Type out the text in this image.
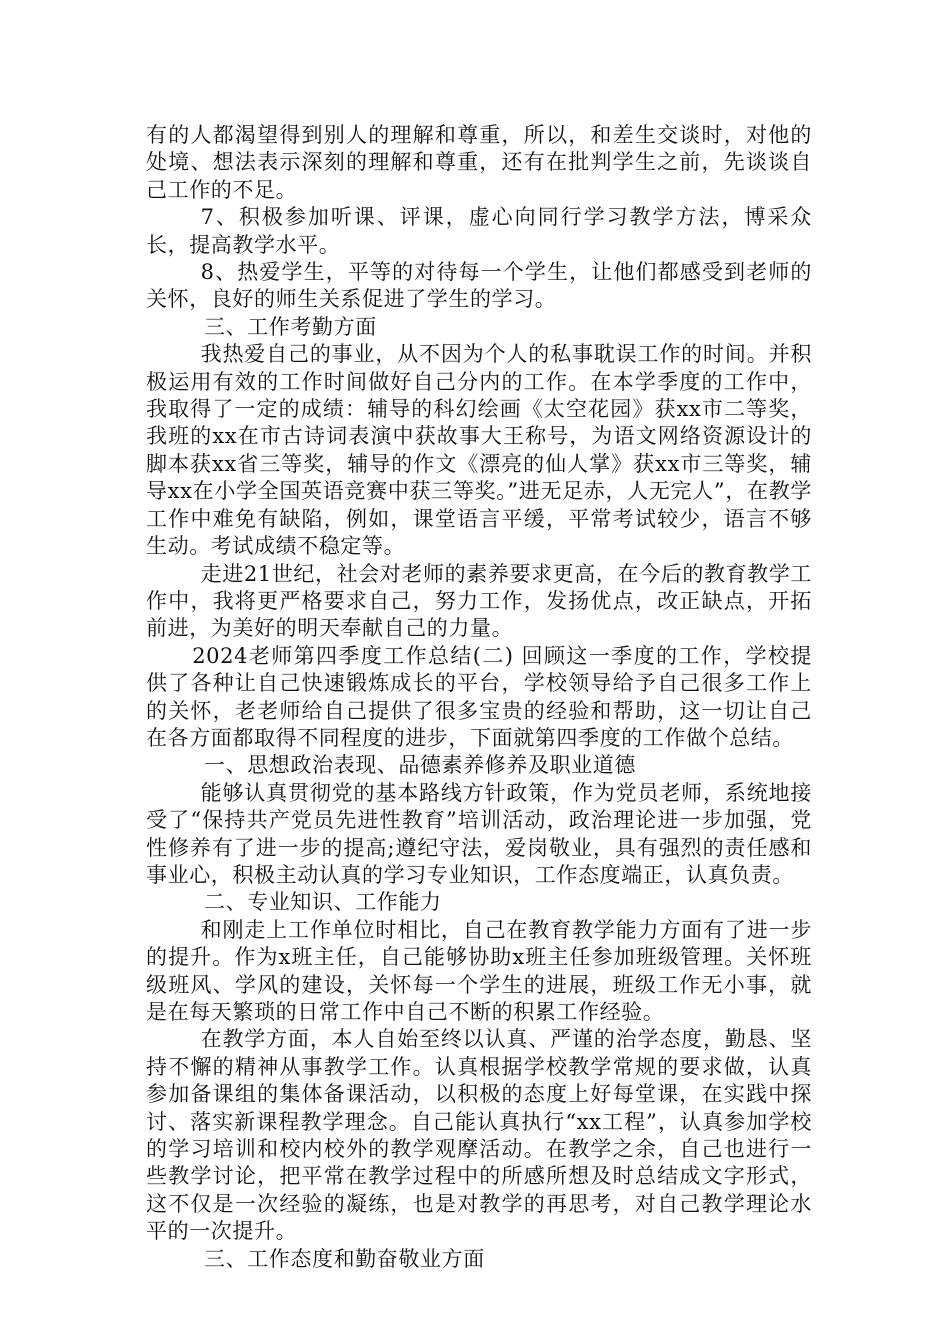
有的人都渴望得到别人的理解和尊重，所以，和差生交谈时，对他的处境、想法表示深刻的理解和尊重，还有在批判学生之前，先谈谈自己工作的不足。

7、积极参加听课、评课，虚心向同行学习教学方法，博采众长，提高教学水平。

8、热爱学生，平等的对待每一个学生，让他们都感受到老师的关怀，良好的师生关系促进了学生的学习。

三、工作考勤方面

我热爱自己的事业，从不因为个人的私事耽误工作的时间。并积极运用有效的工作时间做好自己分内的工作。在本学季度的工作中，我取得了一定的成绩：辅导的科幻绘画《太空花园》获xx市二等奖，我班的xx在市古诗词表演中获故事大王称号，为语文网络资源设计的脚本获xx省三等奖，辅导的作文《漂亮的仙人掌》获xx市三等奖，辅导xx在小学全国英语竞赛中获三等奖。”进无足赤，人无完人”，在教学工作中难免有缺陷，例如，课堂语言平缓，平常考试较少，语言不够生动。考试成绩不稳定等。

走进21世纪，社会对老师的素养要求更高，在今后的教育教学工作中，我将更严格要求自己，努力工作，发扬优点，改正缺点，开拓前进，为美好的明天奉献自己的力量。

2024老师第四季度工作总结(二) 回顾这一季度的工作，学校提供了各种让自己快速锻炼成长的平台，学校领导给予自己很多工作上的关怀，老老师给自己提供了很多宝贵的经验和帮助，这一切让自己在各方面都取得不同程度的进步，下面就第四季度的工作做个总结。

一、思想政治表现、品德素养修养及职业道德

能够认真贯彻党的基本路线方针政策，作为党员老师，系统地接受了“保持共产党员先进性教育”培训活动，政治理论进一步加强，党性修养有了进一步的提高;遵纪守法，爱岗敬业，具有强烈的责任感和事业心，积极主动认真的学习专业知识，工作态度端正，认真负责。

二、专业知识、工作能力

和刚走上工作单位时相比，自己在教育教学能力方面有了进一步的提升。作为x班主任，自己能够协助x班主任参加班级管理。关怀班级班风、学风的建设，关怀每一个学生的进展，班级工作无小事，就是在每天繁琐的日常工作中自己不断的积累工作经验。

在教学方面，本人自始至终以认真、严谨的治学态度，勤恳、坚持不懈的精神从事教学工作。认真根据学校教学常规的要求做，认真参加备课组的集体备课活动，以积极的态度上好每堂课，在实践中探讨、落实新课程教学理念。自己能认真执行“xx工程”，认真参加学校的学习培训和校内校外的教学观摩活动。在教学之余，自己也进行一些教学讨论，把平常在教学过程中的所感所想及时总结成文字形式，这不仅是一次经验的凝练，也是对教学的再思考，对自己教学理论水平的一次提升。

三、工作态度和勤奋敬业方面
